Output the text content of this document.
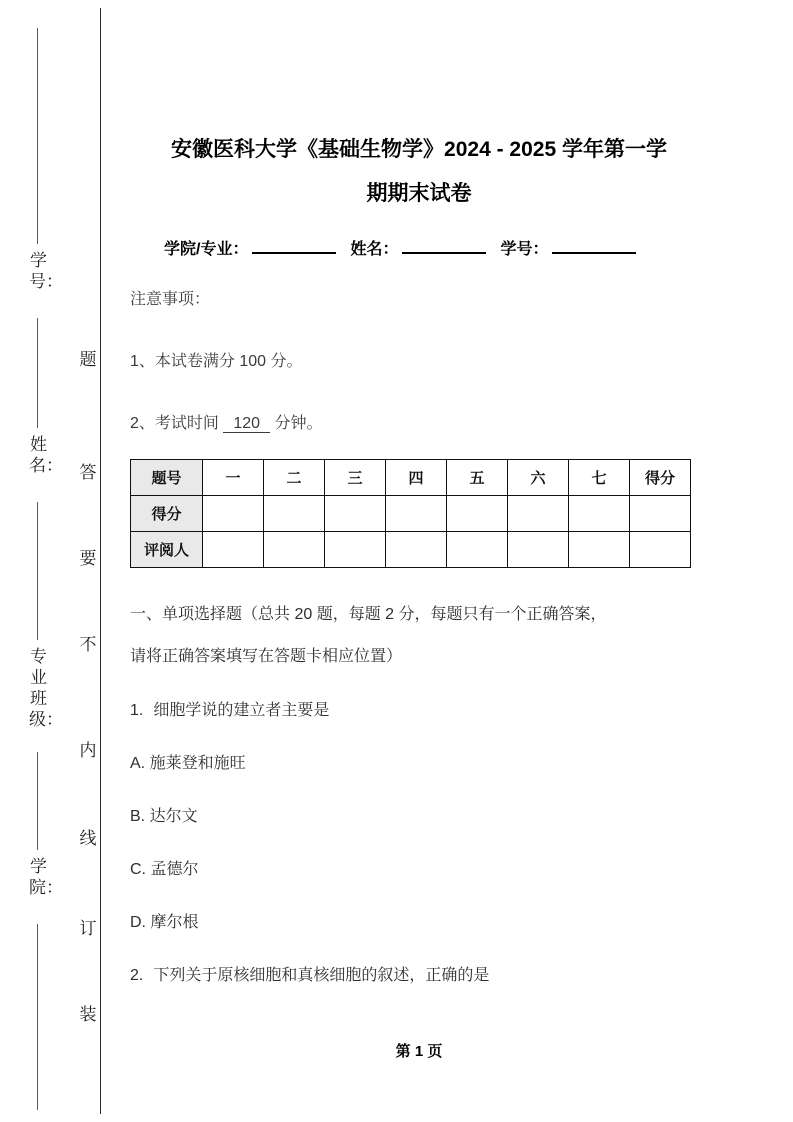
学号：
姓名：
专业班级：
学院：
题
答
要
不
内
线
订
装
安徽医科大学《基础生物学》2024 - 2025 学年第一学
期期末试卷
学院/专业：	姓名：	学号：
注意事项：
1、本试卷满分 100 分。
2、考试时间 120 分钟。
题号	一	二	三	四	五	六	七	得分
得分								
评阅人								
一、单项选择题（总共 20 题，每题 2 分，每题只有一个正确答案，
请将正确答案填写在答题卡相应位置）
1. 细胞学说的建立者主要是
A. 施莱登和施旺
B. 达尔文
C. 孟德尔
D. 摩尔根
2. 下列关于原核细胞和真核细胞的叙述，正确的是
第 1 页
